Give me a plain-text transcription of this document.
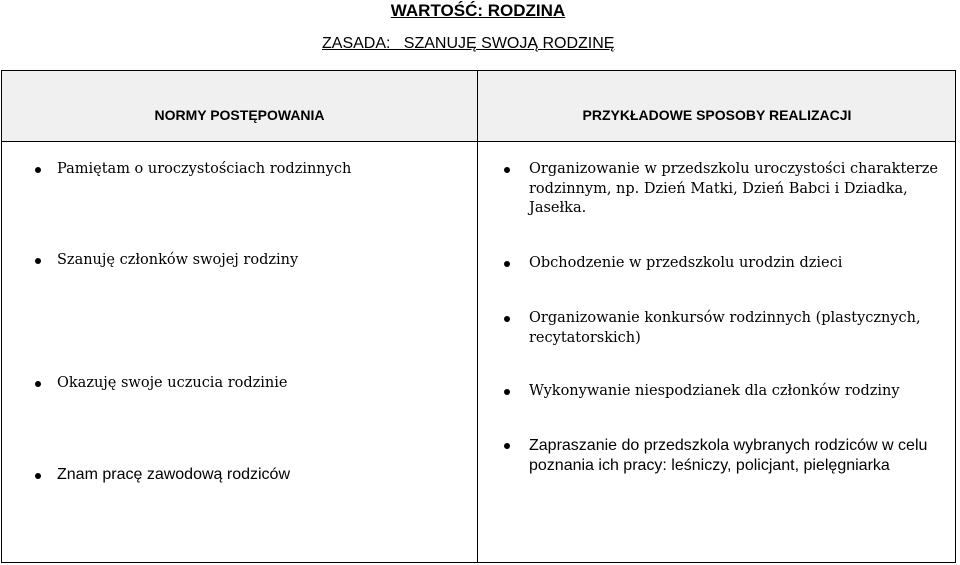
WARTOŚĆ: RODZINA
ZASADA:   SZANUJĘ SWOJĄ RODZINĘ
NORMY POSTĘPOWANIA	PRZYKŁADOWE SPOSOBY REALIZACJI
Pamiętam o uroczystościach rodzinnych
Szanuję członków swojej rodziny
Okazuję swoje uczucia rodzinie
Znam pracę zawodową rodziców
Organizowanie w przedszkolu uroczystości charakterze rodzinnym, np. Dzień Matki, Dzień Babci i Dziadka, Jasełka.
Obchodzenie w przedszkolu urodzin dzieci
Organizowanie konkursów rodzinnych (plastycznych, recytatorskich)
Wykonywanie niespodzianek dla członków rodziny
Zapraszanie do przedszkola wybranych rodziców w celu poznania ich pracy: leśniczy, policjant, pielęgniarka
